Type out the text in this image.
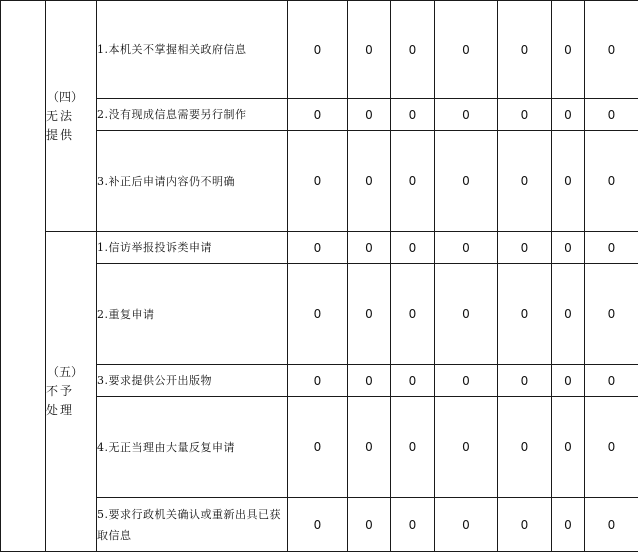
	（四）
无法提供	1.本机关不掌握相关政府信息	0	0	0	0	0	0	0
		2.没有现成信息需要另行制作	0	0	0	0	0	0	0
		3.补正后申请内容仍不明确	0	0	0	0	0	0	0

	（五）
不予处理	1.信访举报投诉类申请	0	0	0	0	0	0	0
		2.重复申请	0	0	0	0	0	0	0
		3.要求提供公开出版物	0	0	0	0	0	0	0
		4.无正当理由大量反复申请	0	0	0	0	0	0	0
		5.要求行政机关确认或重新出具已获取信息	0	0	0	0	0	0	0
